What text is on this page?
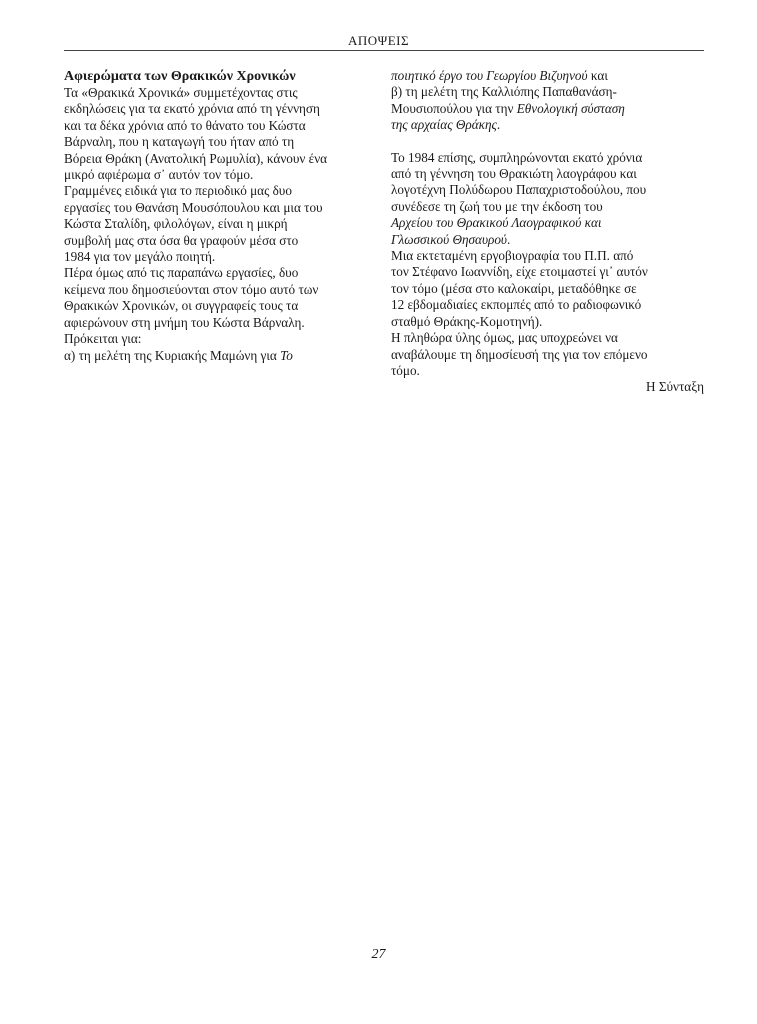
ΑΠΟΨΕΙΣ

Αφιερώματα των Θρακικών Χρονικών

Τα «Θρακικά Χρονικά» συμμετέχοντας στις

εκδηλώσεις για τα εκατό χρόνια από τη γέννηση

και τα δέκα χρόνια από το θάνατο του Κώστα

Βάρναλη, που η καταγωγή του ήταν από τη

Βόρεια Θράκη (Ανατολική Ρωμυλία), κάνουν ένα

μικρό αφιέρωμα σ᾽ αυτόν τον τόμο.

Γραμμένες ειδικά για το περιοδικό μας δυο

εργασίες του Θανάση Μουσόπουλου και μια του

Κώστα Σταλίδη, φιλολόγων, είναι η μικρή

συμβολή μας στα όσα θα γραφούν μέσα στο

1984 για τον μεγάλο ποιητή.

Πέρα όμως από τις παραπάνω εργασίες, δυο

κείμενα που δημοσιεύονται στον τόμο αυτό των

Θρακικών Χρονικών, οι συγγραφείς τους τα

αφιερώνουν στη μνήμη του Κώστα Βάρναλη.

Πρόκειται για:

α) τη μελέτη της Κυριακής Μαμώνη για Το

ποιητικό έργο του Γεωργίου Βιζυηνού και

β) τη μελέτη της Καλλιόπης Παπαθανάση-

Μουσιοπούλου για την Εθνολογική σύσταση

της αρχαίας Θράκης.

Το 1984 επίσης, συμπληρώνονται εκατό χρόνια

από τη γέννηση του Θρακιώτη λαογράφου και

λογοτέχνη Πολύδωρου Παπαχριστοδούλου, που

συνέδεσε τη ζωή του με την έκδοση του

Αρχείου του Θρακικού Λαογραφικού και

Γλωσσικού Θησαυρού.

Μια εκτεταμένη εργοβιογραφία του Π.Π. από

τον Στέφανο Ιωαννίδη, είχε ετοιμαστεί γι᾽ αυτόν

τον τόμο (μέσα στο καλοκαίρι, μεταδόθηκε σε

12 εβδομαδιαίες εκπομπές από το ραδιοφωνικό

σταθμό Θράκης-Κομοτηνή).

Η πληθώρα ύλης όμως, μας υποχρεώνει να

αναβάλουμε τη δημοσίευσή της για τον επόμενο

τόμο.

Η Σύνταξη

27
